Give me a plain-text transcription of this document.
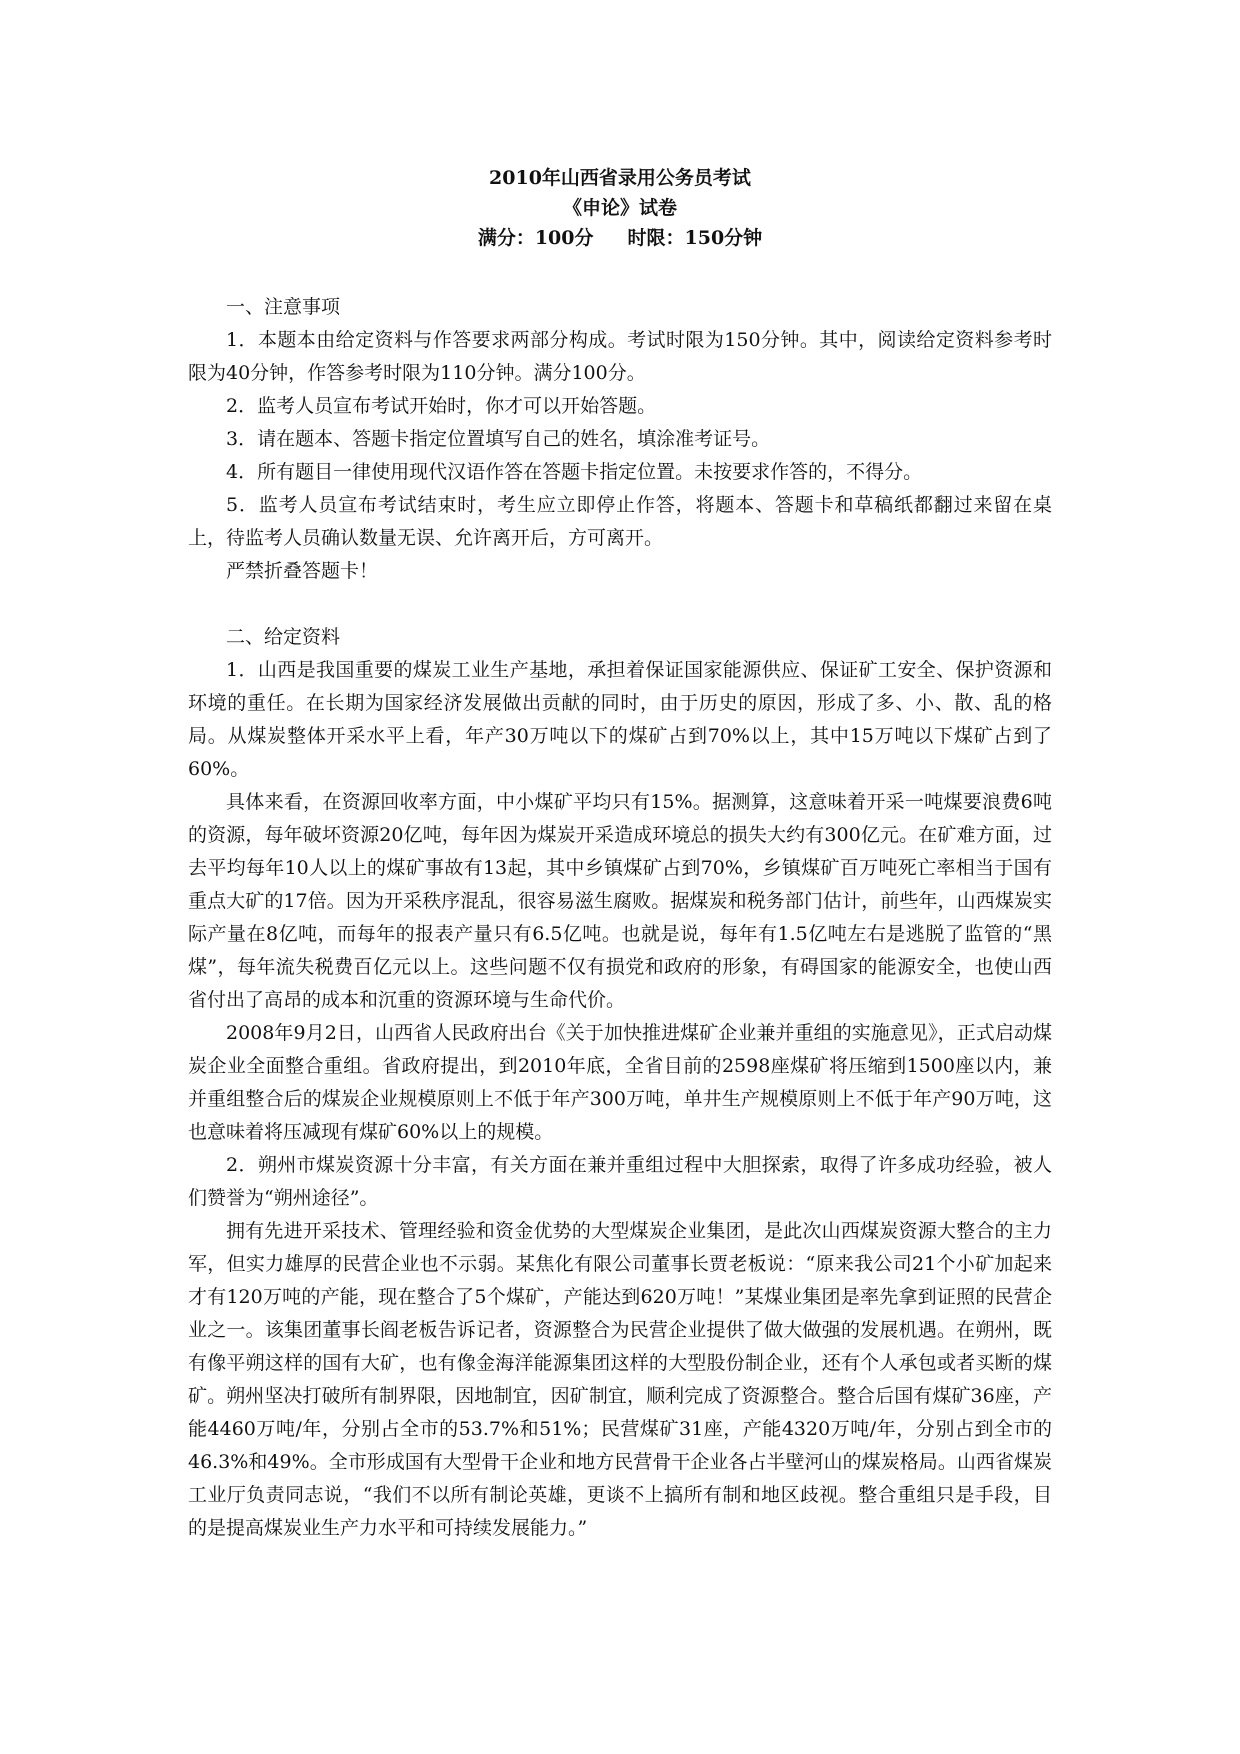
2010年山西省录用公务员考试
《申论》试卷
满分：100分 时限：150分钟

一、注意事项

1．本题本由给定资料与作答要求两部分构成。考试时限为150分钟。其中，阅读给定资料参考时限为40分钟，作答参考时限为110分钟。满分100分。

2．监考人员宣布考试开始时，你才可以开始答题。

3．请在题本、答题卡指定位置填写自己的姓名，填涂准考证号。

4．所有题目一律使用现代汉语作答在答题卡指定位置。未按要求作答的，不得分。

5．监考人员宣布考试结束时，考生应立即停止作答，将题本、答题卡和草稿纸都翻过来留在桌上，待监考人员确认数量无误、允许离开后，方可离开。

严禁折叠答题卡！

二、给定资料

1．山西是我国重要的煤炭工业生产基地，承担着保证国家能源供应、保证矿工安全、保护资源和环境的重任。在长期为国家经济发展做出贡献的同时，由于历史的原因，形成了多、小、散、乱的格局。从煤炭整体开采水平上看，年产30万吨以下的煤矿占到70%以上，其中15万吨以下煤矿占到了60%。

具体来看，在资源回收率方面，中小煤矿平均只有15%。据测算，这意味着开采一吨煤要浪费6吨的资源，每年破坏资源20亿吨，每年因为煤炭开采造成环境总的损失大约有300亿元。在矿难方面，过去平均每年10人以上的煤矿事故有13起，其中乡镇煤矿占到70%，乡镇煤矿百万吨死亡率相当于国有重点大矿的17倍。因为开采秩序混乱，很容易滋生腐败。据煤炭和税务部门估计，前些年，山西煤炭实际产量在8亿吨，而每年的报表产量只有6.5亿吨。也就是说，每年有1.5亿吨左右是逃脱了监管的“黑煤”，每年流失税费百亿元以上。这些问题不仅有损党和政府的形象，有碍国家的能源安全，也使山西省付出了高昂的成本和沉重的资源环境与生命代价。

2008年9月2日，山西省人民政府出台《关于加快推进煤矿企业兼并重组的实施意见》，正式启动煤炭企业全面整合重组。省政府提出，到2010年底，全省目前的2598座煤矿将压缩到1500座以内，兼并重组整合后的煤炭企业规模原则上不低于年产300万吨，单井生产规模原则上不低于年产90万吨，这也意味着将压减现有煤矿60%以上的规模。

2．朔州市煤炭资源十分丰富，有关方面在兼并重组过程中大胆探索，取得了许多成功经验，被人们赞誉为“朔州途径”。

拥有先进开采技术、管理经验和资金优势的大型煤炭企业集团，是此次山西煤炭资源大整合的主力军，但实力雄厚的民营企业也不示弱。某焦化有限公司董事长贾老板说：“原来我公司21个小矿加起来才有120万吨的产能，现在整合了5个煤矿，产能达到620万吨！”某煤业集团是率先拿到证照的民营企业之一。该集团董事长阎老板告诉记者，资源整合为民营企业提供了做大做强的发展机遇。在朔州，既有像平朔这样的国有大矿，也有像金海洋能源集团这样的大型股份制企业，还有个人承包或者买断的煤矿。朔州坚决打破所有制界限，因地制宜，因矿制宜，顺利完成了资源整合。整合后国有煤矿36座，产能4460万吨/年，分别占全市的53.7%和51%；民营煤矿31座，产能4320万吨/年，分别占到全市的46.3%和49%。全市形成国有大型骨干企业和地方民营骨干企业各占半壁河山的煤炭格局。山西省煤炭工业厅负责同志说，“我们不以所有制论英雄，更谈不上搞所有制和地区歧视。整合重组只是手段，目的是提高煤炭业生产力水平和可持续发展能力。”
